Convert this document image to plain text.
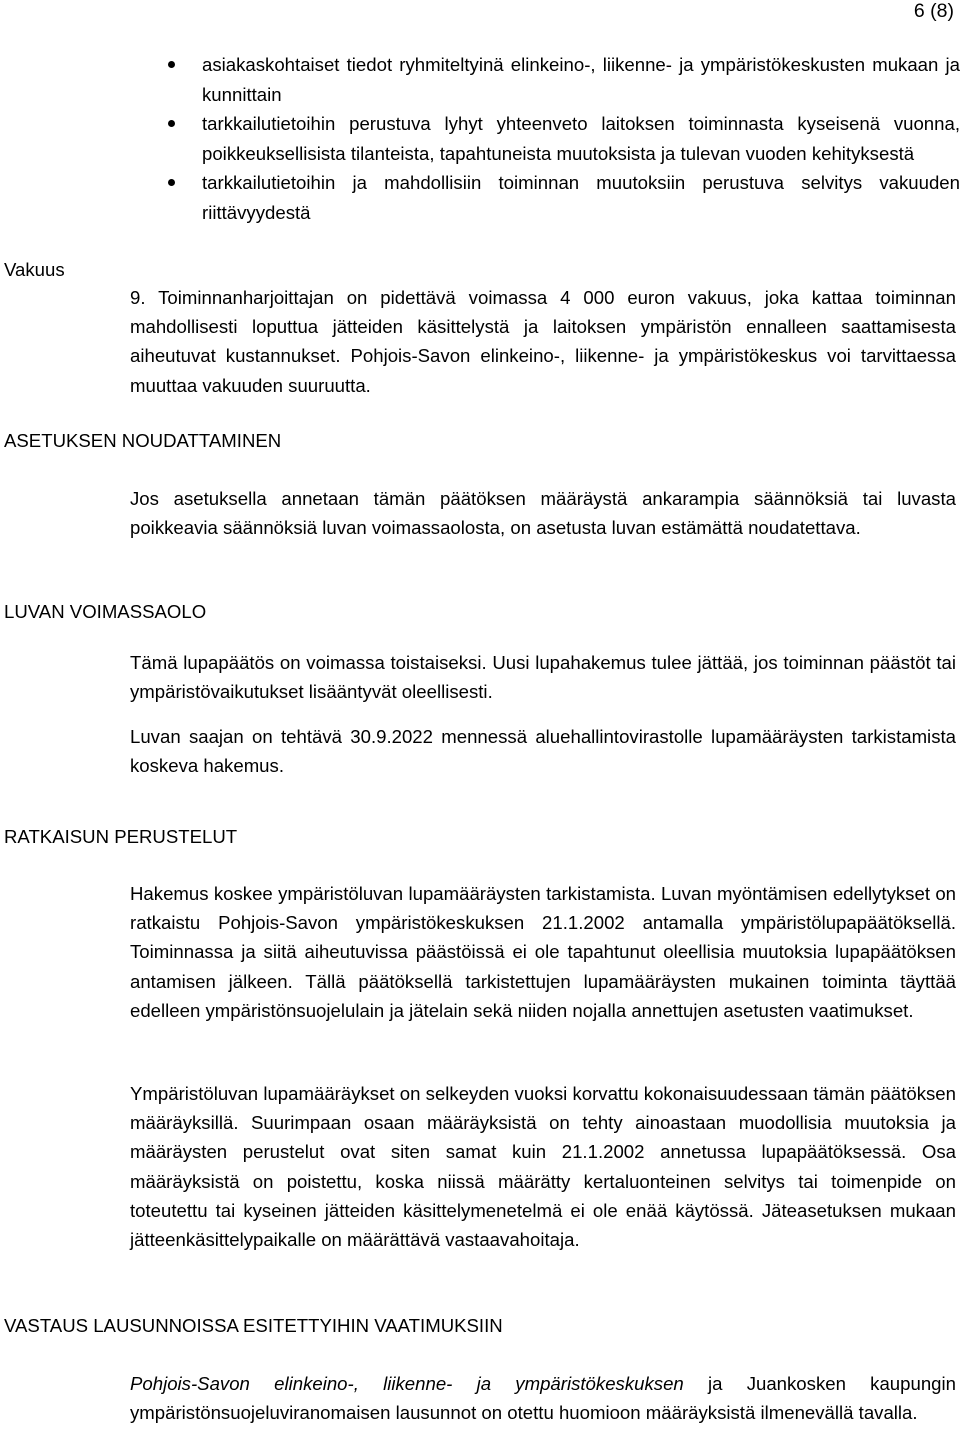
6 (8)
asiakaskohtaiset tiedot ryhmiteltyinä elinkeino-, liikenne- ja ympäristökeskusten mukaan ja kunnittain
tarkkailutietoihin perustuva lyhyt yhteenveto laitoksen toiminnasta kyseisenä vuonna, poikkeuksellisista tilanteista, tapahtuneista muutoksista ja tulevan vuoden kehityksestä
tarkkailutietoihin ja mahdollisiin toiminnan muutoksiin perustuva selvitys vakuuden riittävyydestä
Vakuus

9. Toiminnanharjoittajan on pidettävä voimassa 4 000 euron vakuus, joka kattaa toiminnan mahdollisesti loputtua jätteiden käsittelystä ja laitoksen ympäristön ennalleen saattamisesta aiheutuvat kustannukset. Pohjois-Savon elinkeino-, liikenne- ja ympäristökeskus voi tarvittaessa muuttaa vakuuden suuruutta.

ASETUKSEN NOUDATTAMINEN

Jos asetuksella annetaan tämän päätöksen määräystä ankarampia säännöksiä tai luvasta poikkeavia säännöksiä luvan voimassaolosta, on asetusta luvan estämättä noudatettava.

LUVAN VOIMASSAOLO

Tämä lupapäätös on voimassa toistaiseksi. Uusi lupahakemus tulee jättää, jos toiminnan päästöt tai ympäristövaikutukset lisääntyvät oleellisesti.

Luvan saajan on tehtävä 30.9.2022 mennessä aluehallintovirastolle lupamääräysten tarkistamista koskeva hakemus.

RATKAISUN PERUSTELUT

Hakemus koskee ympäristöluvan lupamääräysten tarkistamista. Luvan myöntämisen edellytykset on ratkaistu Pohjois-Savon ympäristökeskuksen 21.1.2002 antamalla ympäristölupapäätöksellä. Toiminnassa ja siitä aiheutuvissa päästöissä ei ole tapahtunut oleellisia muutoksia lupapäätöksen antamisen jälkeen. Tällä päätöksellä tarkistettujen lupamääräysten mukainen toiminta täyttää edelleen ympäristönsuojelulain ja jätelain sekä niiden nojalla annettujen asetusten vaatimukset.

Ympäristöluvan lupamääräykset on selkeyden vuoksi korvattu kokonaisuudessaan tämän päätöksen määräyksillä. Suurimpaan osaan määräyksistä on tehty ainoastaan muodollisia muutoksia ja määräysten perustelut ovat siten samat kuin 21.1.2002 annetussa lupapäätöksessä. Osa määräyksistä on poistettu, koska niissä määrätty kertaluonteinen selvitys tai toimenpide on toteutettu tai kyseinen jätteiden käsittelymenetelmä ei ole enää käytössä. Jäteasetuksen mukaan jätteenkäsittelypaikalle on määrättävä vastaavahoitaja.

VASTAUS LAUSUNNOISSA ESITETTYIHIN VAATIMUKSIIN

Pohjois-Savon elinkeino-, liikenne- ja ympäristökeskuksen ja Juankosken kaupungin ympäristönsuojeluviranomaisen lausunnot on otettu huomioon määräyksistä ilmenevällä tavalla.
